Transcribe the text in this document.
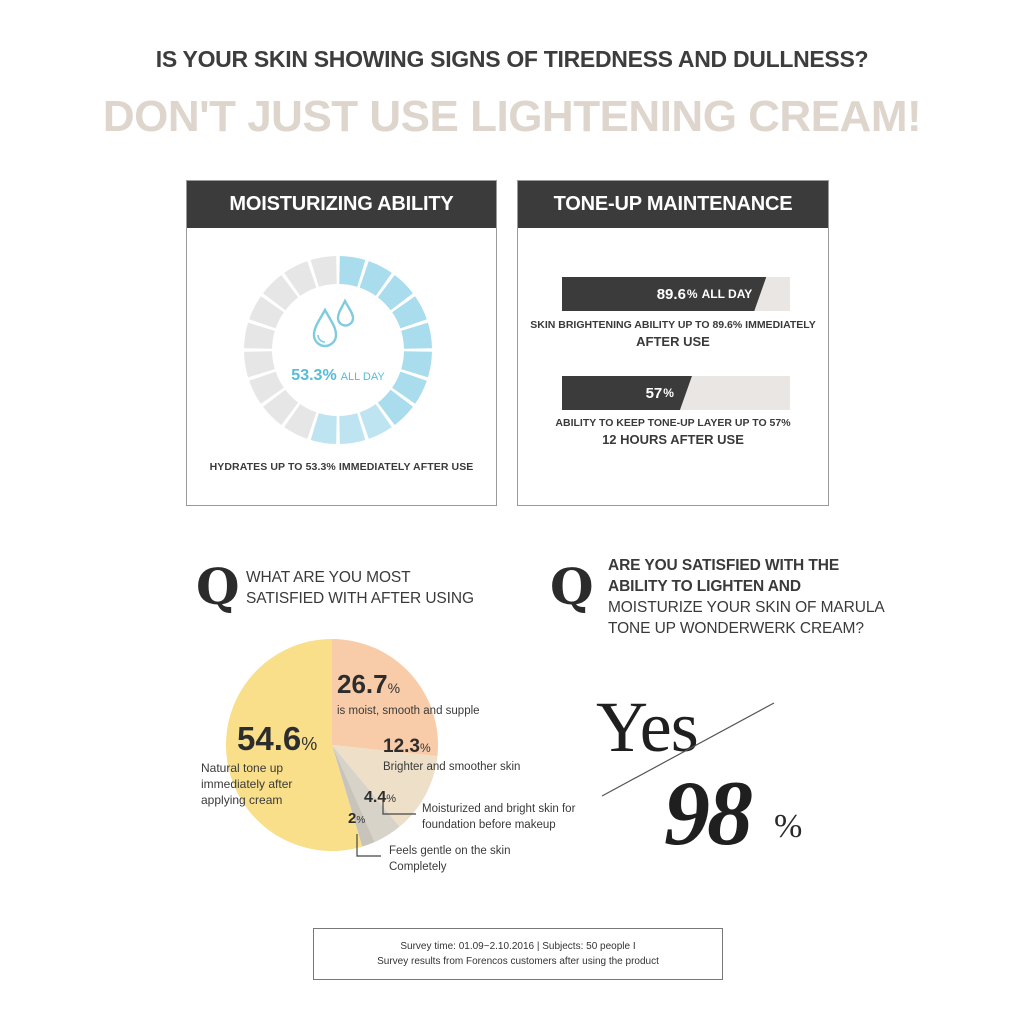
IS YOUR SKIN SHOWING SIGNS OF TIREDNESS AND DULLNESS?
DON'T JUST USE LIGHTENING CREAM!
MOISTURIZING ABILITY
53.3% ALL DAY
HYDRATES UP TO 53.3% IMMEDIATELY AFTER USE
TONE-UP MAINTENANCE
89.6 % ALL DAY
SKIN BRIGHTENING ABILITY UP TO 89.6% IMMEDIATELY
AFTER USE
57 %
ABILITY TO KEEP TONE-UP LAYER UP TO 57%
12 HOURS AFTER USE
Q WHAT ARE YOU MOST
SATISFIED WITH AFTER USING Q ARE YOU SATISFIED WITH THE
ABILITY TO LIGHTEN AND
MOISTURIZE YOUR SKIN OF MARULA
TONE UP WONDERWERK CREAM?
26.7%
is moist, smooth and supple
12.3%
Brighter and smoother skin
4.4%
Moisturized and bright skin for
foundation before makeup
2%
Feels gentle on the skin
Completely
54.6%
Natural tone up
immediately after
applying cream
Yes
98 %
Survey time: 01.09~2.10.2016 | Subjects: 50 people I
Survey results from Forencos customers after using the product
